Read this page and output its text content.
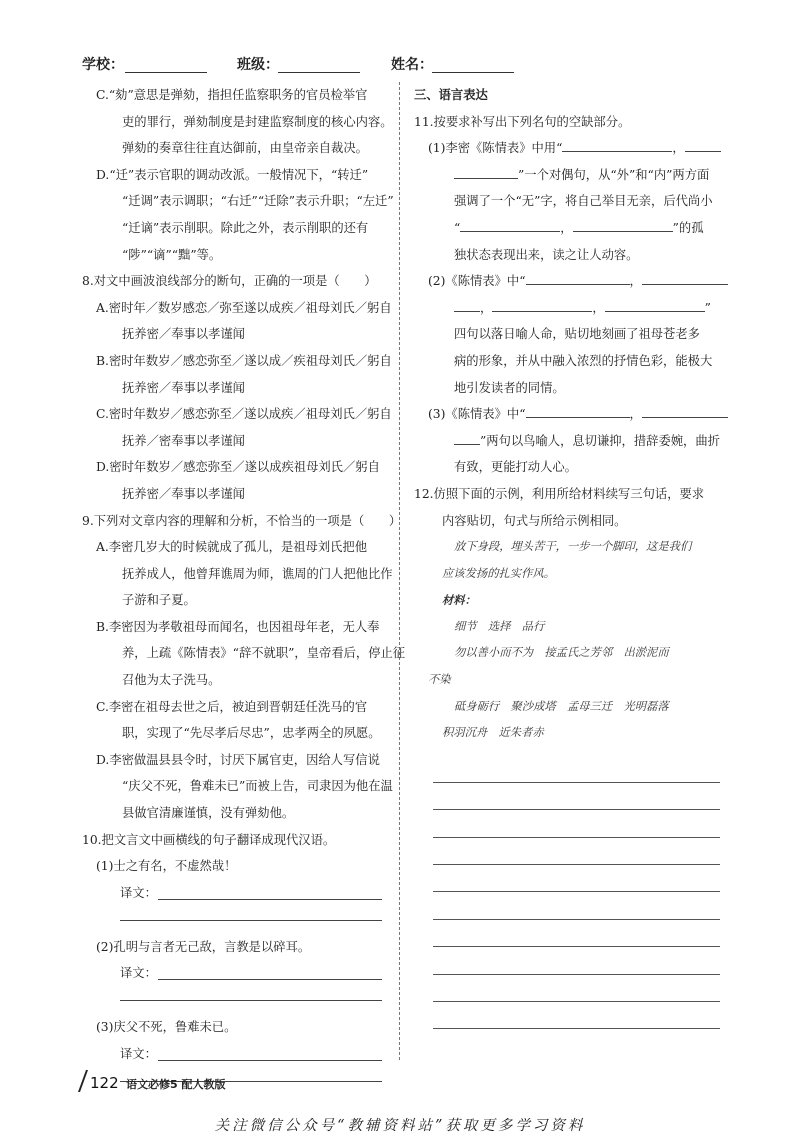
学校：	班级：	姓名：

C.“劾”意思是弹劾，指担任监察职务的官员检举官

吏的罪行，弹劾制度是封建监察制度的核心内容。

弹劾的奏章往往直达御前，由皇帝亲自裁决。

D.“迁”表示官职的调动改派。一般情况下，“转迁”

“迁调”表示调职；“右迁”“迁除”表示升职；“左迁”

“迁谪”表示削职。除此之外，表示削职的还有

“陟”“谪”“黜”等。

8.对文中画波浪线部分的断句，正确的一项是（　　）

A.密时年／数岁感恋／弥至遂以成疾／祖母刘氏／躬自

抚养密／奉事以孝谨闻

B.密时年数岁／感恋弥至／遂以成／疾祖母刘氏／躬自

抚养密／奉事以孝谨闻

C.密时年数岁／感恋弥至／遂以成疾／祖母刘氏／躬自

抚养／密奉事以孝谨闻

D.密时年数岁／感恋弥至／遂以成疾祖母刘氏／躬自

抚养密／奉事以孝谨闻

9.下列对文章内容的理解和分析，不恰当的一项是（　　）

A.李密几岁大的时候就成了孤儿，是祖母刘氏把他

抚养成人，他曾拜谯周为师，谯周的门人把他比作

子游和子夏。

B.李密因为孝敬祖母而闻名，也因祖母年老，无人奉

养，上疏《陈情表》“辞不就职”，皇帝看后，停止征

召他为太子洗马。

C.李密在祖母去世之后，被迫到晋朝廷任洗马的官

职，实现了“先尽孝后尽忠”，忠孝两全的夙愿。

D.李密做温县县令时，讨厌下属官吏，因给人写信说

“庆父不死，鲁难未已”而被上告，司隶因为他在温

县做官清廉谨慎，没有弹劾他。

10.把文言文中画横线的句子翻译成现代汉语。

(1)士之有名，不虚然哉！

译文：

(2)孔明与言者无己敌，言教是以碎耳。

译文：

(3)庆父不死，鲁难未已。

译文：

三、语言表达

11.按要求补写出下列名句的空缺部分。

(1)李密《陈情表》中用“	，

”一个对偶句，从“外”和“内”两方面

强调了一个“无”字，将自己举目无亲，后代尚小

“	，	”的孤

独状态表现出来，读之让人动容。

(2)《陈情表》中“	，

，	，	”

四句以落日喻人命，贴切地刻画了祖母苍老多

病的形象，并从中融入浓烈的抒情色彩，能极大

地引发读者的同情。

(3)《陈情表》中“	，

”两句以鸟喻人，息切谦抑，措辞委婉，曲折

有致，更能打动人心。

12.仿照下面的示例，利用所给材料续写三句话，要求

内容贴切，句式与所给示例相同。

放下身段，埋头苦干，一步一个脚印，这是我们

应该发扬的扎实作风。

材料：

细节　选择　品行

勿以善小而不为　接孟氏之芳邻　出淤泥而

不染

砥身砺行　聚沙成塔　孟母三迁　光明磊落

积羽沉舟　近朱者赤

122 语文必修5 配人教版
关注微信公众号“教辅资料站”获取更多学习资料
